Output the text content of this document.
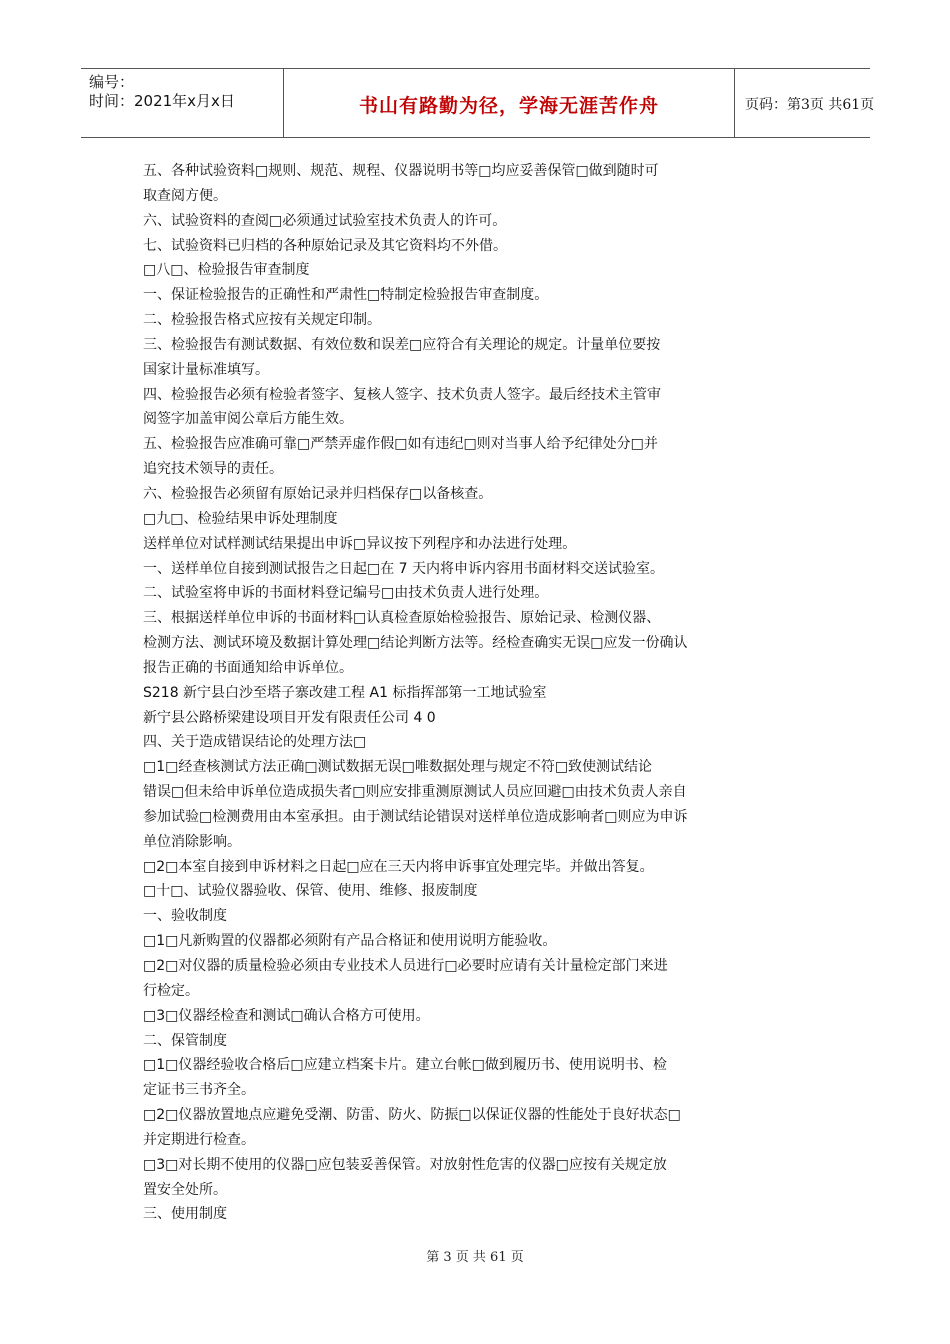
编号：
时间：2021年x月x日	书山有路勤为径，学海无涯苦作舟	页码：第3页 共61页
五、各种试验资料□规则、规范、规程、仪器说明书等□均应妥善保管□做到随时可
取查阅方便。
六、试验资料的查阅□必须通过试验室技术负责人的许可。
七、试验资料已归档的各种原始记录及其它资料均不外借。
□八□、检验报告审查制度
一、保证检验报告的正确性和严肃性□特制定检验报告审查制度。
二、检验报告格式应按有关规定印制。
三、检验报告有测试数据、有效位数和误差□应符合有关理论的规定。计量单位要按
国家计量标准填写。
四、检验报告必须有检验者签字、复核人签字、技术负责人签字。最后经技术主管审
阅签字加盖审阅公章后方能生效。
五、检验报告应准确可靠□严禁弄虚作假□如有违纪□则对当事人给予纪律处分□并
追究技术领导的责任。
六、检验报告必须留有原始记录并归档保存□以备核查。
□九□、检验结果申诉处理制度
送样单位对试样测试结果提出申诉□异议按下列程序和办法进行处理。
一、送样单位自接到测试报告之日起□在 7 天内将申诉内容用书面材料交送试验室。
二、试验室将申诉的书面材料登记编号□由技术负责人进行处理。
三、根据送样单位申诉的书面材料□认真检查原始检验报告、原始记录、检测仪器、
检测方法、测试环境及数据计算处理□结论判断方法等。经检查确实无误□应发一份确认
报告正确的书面通知给申诉单位。
S218 新宁县白沙至塔子寨改建工程 A1 标指挥部第一工地试验室
新宁县公路桥梁建设项目开发有限责任公司 4 0
四、关于造成错误结论的处理方法□
□1□经查核测试方法正确□测试数据无误□唯数据处理与规定不符□致使测试结论
错误□但未给申诉单位造成损失者□则应安排重测原测试人员应回避□由技术负责人亲自
参加试验□检测费用由本室承担。由于测试结论错误对送样单位造成影响者□则应为申诉
单位消除影响。
□2□本室自接到申诉材料之日起□应在三天内将申诉事宜处理完毕。并做出答复。
□十□、试验仪器验收、保管、使用、维修、报废制度
一、验收制度
□1□凡新购置的仪器都必须附有产品合格证和使用说明方能验收。
□2□对仪器的质量检验必须由专业技术人员进行□必要时应请有关计量检定部门来进
行检定。
□3□仪器经检查和测试□确认合格方可使用。
二、保管制度
□1□仪器经验收合格后□应建立档案卡片。建立台帐□做到履历书、使用说明书、检
定证书三书齐全。
□2□仪器放置地点应避免受潮、防雷、防火、防振□以保证仪器的性能处于良好状态□
并定期进行检查。
□3□对长期不使用的仪器□应包装妥善保管。对放射性危害的仪器□应按有关规定放
置安全处所。
三、使用制度
第 3 页 共 61 页
